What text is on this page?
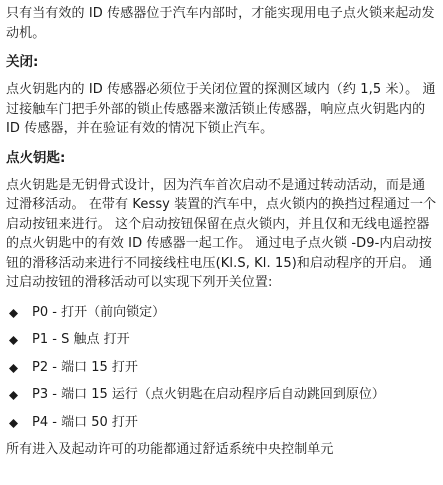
只有当有效的 ID 传感器位于汽车内部时，才能实现用电子点火锁来起动发动机。

关闭:

点火钥匙内的 ID 传感器必须位于关闭位置的探测区域内（约 1,5 米）。 通过接触车门把手外部的锁止传感器来激活锁止传感器，响应点火钥匙内的 ID 传感器，并在验证有效的情况下锁止汽车。

点火钥匙:

点火钥匙是无钥骨式设计，因为汽车首次启动不是通过转动活动，而是通过滑移活动。 在带有 Kessy 装置的汽车中，点火锁内的换挡过程通过一个启动按钮来进行。 这个启动按钮保留在点火锁内，并且仅和无线电遥控器的点火钥匙中的有效 ID 传感器一起工作。 通过电子点火锁 -D9-内启动按钮的滑移活动来进行不同接线柱电压(Kl.S, Kl. 15)和启动程序的开启。 通过启动按钮的滑移活动可以实现下列开关位置:

P0 - 打开（前向锁定）
P1 - S 触点 打开
P2 - 端口 15 打开
P3 - 端口 15 运行（点火钥匙在启动程序后自动跳回到原位）
P4 - 端口 50 打开

所有进入及起动许可的功能都通过舒适系统中央控制单元
